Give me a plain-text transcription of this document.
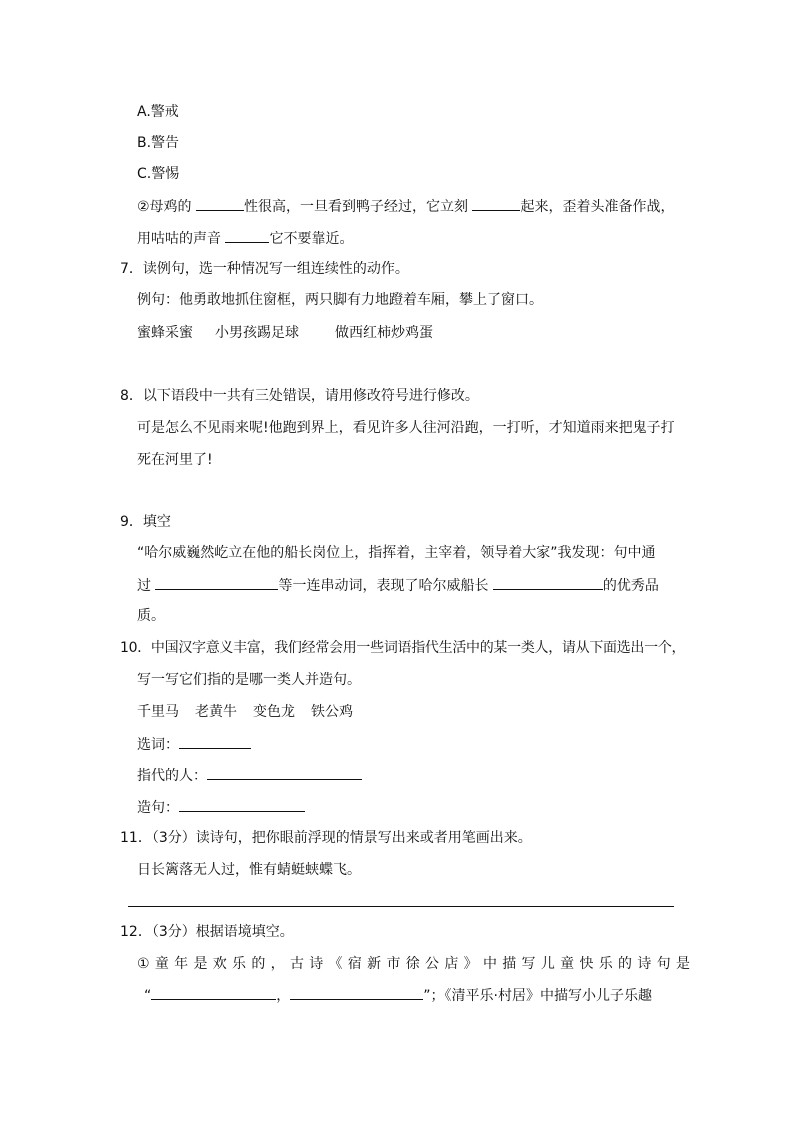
A.警戒
B.警告
C.警惕
②母鸡的	性很高，一旦看到鸭子经过，它立刻	起来，歪着头准备作战，
用咕咕的声音	它不要靠近。
7．读例句，选一种情况写一组连续性的动作。
例句：他勇敢地抓住窗框，两只脚有力地蹬着车厢，攀上了窗口。
蜜蜂采蜜 小男孩踢足球	做西红柿炒鸡蛋
8．以下语段中一共有三处错误，请用修改符号进行修改。
可是怎么不见雨来呢!他跑到界上，看见许多人往河沿跑，一打听，才知道雨来把鬼子打
死在河里了!
9．填空
“哈尔威巍然屹立在他的船长岗位上，指挥着，主宰着，领导着大家”我发现：句中通
过	等一连串动词，表现了哈尔威船长	的优秀品
质。
10．中国汉字意义丰富，我们经常会用一些词语指代生活中的某一类人，请从下面选出一个，
写一写它们指的是哪一类人并造句。
千里马 老黄牛 变色龙 铁公鸡
选词：
指代的人：
造句：
11．（3分）读诗句，把你眼前浮现的情景写出来或者用笔画出来。
日长篱落无人过，惟有蜻蜓蛱蝶飞。
12．（3分）根据语境填空。
①童年是欢乐的，古诗《宿新市徐公店》中描写儿童快乐的诗句是
“	，	”；《清平乐·村居》中描写小儿子乐趣
